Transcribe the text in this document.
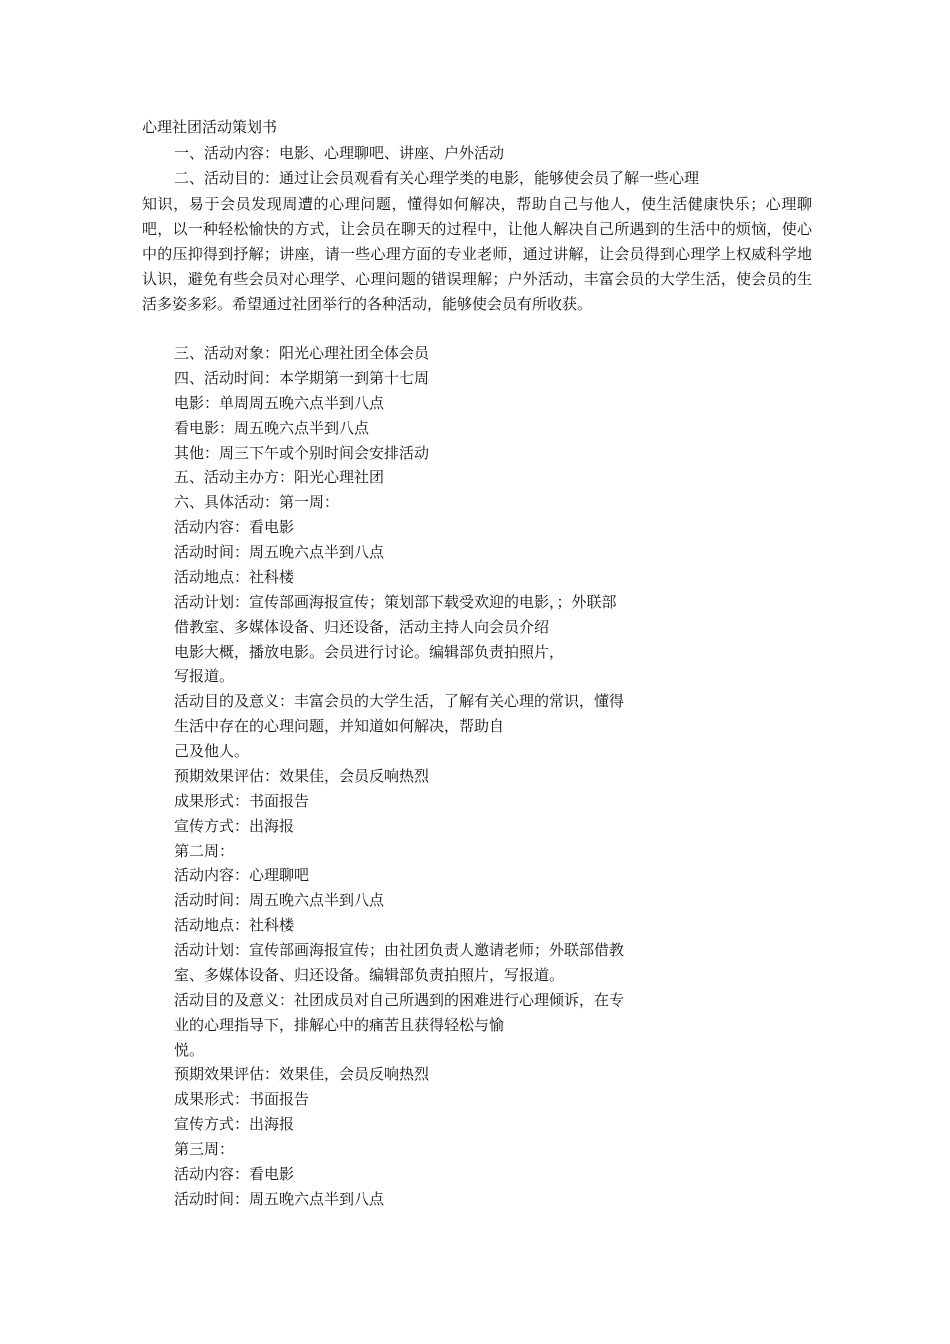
心理社团活动策划书
一、活动内容：电影、心理聊吧、讲座、户外活动
二、活动目的：通过让会员观看有关心理学类的电影，能够使会员了解一些心理
知识，易于会员发现周遭的心理问题，懂得如何解决，帮助自己与他人，使生活健康快乐；心理聊吧，以一种轻松愉快的方式，让会员在聊天的过程中，让他人解决自己所遇到的生活中的烦恼，使心中的压抑得到抒解；讲座，请一些心理方面的专业老师，通过讲解，让会员得到心理学上权威科学地认识，避免有些会员对心理学、心理问题的错误理解；户外活动，丰富会员的大学生活，使会员的生活多姿多彩。希望通过社团举行的各种活动，能够使会员有所收获。
三、活动对象：阳光心理社团全体会员
四、活动时间：本学期第一到第十七周
电影：单周周五晚六点半到八点
看电影：周五晚六点半到八点
其他：周三下午或个别时间会安排活动
五、活动主办方：阳光心理社团
六、具体活动：第一周：
活动内容：看电影
活动时间：周五晚六点半到八点
活动地点：社科楼
活动计划：宣传部画海报宣传；策划部下载受欢迎的电影，；外联部
借教室、多媒体设备、归还设备，活动主持人向会员介绍
电影大概，播放电影。会员进行讨论。编辑部负责拍照片，
写报道。
活动目的及意义：丰富会员的大学生活，了解有关心理的常识，懂得
生活中存在的心理问题，并知道如何解决，帮助自
己及他人。
预期效果评估：效果佳，会员反响热烈
成果形式：书面报告
宣传方式：出海报
第二周：
活动内容：心理聊吧
活动时间：周五晚六点半到八点
活动地点：社科楼
活动计划：宣传部画海报宣传；由社团负责人邀请老师；外联部借教
室、多媒体设备、归还设备。编辑部负责拍照片，写报道。
活动目的及意义：社团成员对自己所遇到的困难进行心理倾诉，在专
业的心理指导下，排解心中的痛苦且获得轻松与愉
悦。
预期效果评估：效果佳，会员反响热烈
成果形式：书面报告
宣传方式：出海报
第三周：
活动内容：看电影
活动时间：周五晚六点半到八点
